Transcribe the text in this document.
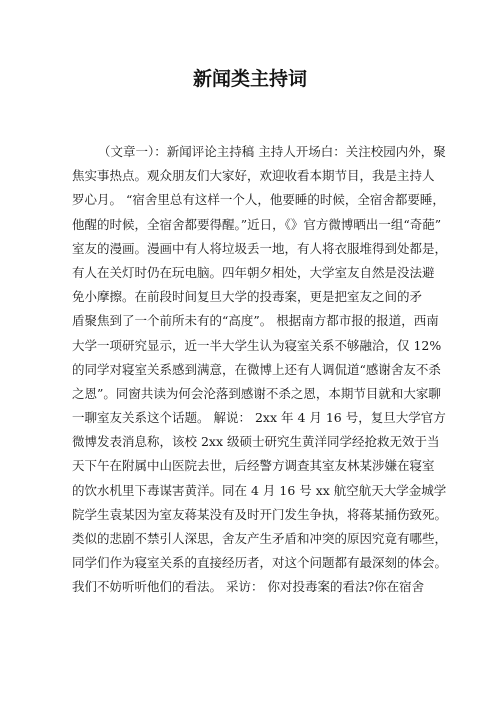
新闻类主持词
（文章一）：新闻评论主持稿 主持人开场白：关注校园内外，聚
焦实事热点。观众朋友们大家好，欢迎收看本期节目，我是主持人
罗心月。 “宿舍里总有这样一个人，他要睡的时候，全宿舍都要睡，
他醒的时候，全宿舍都要得醒。”近日，《》官方微博晒出一组“奇葩”
室友的漫画。漫画中有人将垃圾丢一地，有人将衣服堆得到处都是，
有人在关灯时仍在玩电脑。四年朝夕相处，大学室友自然是没法避
免小摩擦。在前段时间复旦大学的投毒案，更是把室友之间的矛
盾聚焦到了一个前所未有的“高度”。 根据南方都市报的报道，西南
大学一项研究显示，近一半大学生认为寝室关系不够融洽，仅 12%
的同学对寝室关系感到满意，在微博上还有人调侃道“感谢舍友不杀
之恩”。同窗共读为何会沦落到感谢不杀之恩，本期节目就和大家聊
一聊室友关系这个话题。 解说： 2xx 年 4 月 16 号，复旦大学官方
微博发表消息称，该校 2xx 级硕士研究生黄洋同学经抢救无效于当
天下午在附属中山医院去世，后经警方调查其室友林某涉嫌在寝室
的饮水机里下毒谋害黄洋。同在 4 月 16 号 xx 航空航天大学金城学
院学生袁某因为室友蒋某没有及时开门发生争执，将蒋某捅伤致死。
类似的悲剧不禁引人深思，舍友产生矛盾和冲突的原因究竟有哪些，
同学们作为寝室关系的直接经历者，对这个问题都有最深刻的体会。
我们不妨听听他们的看法。 采访： 你对投毒案的看法?你在宿舍
